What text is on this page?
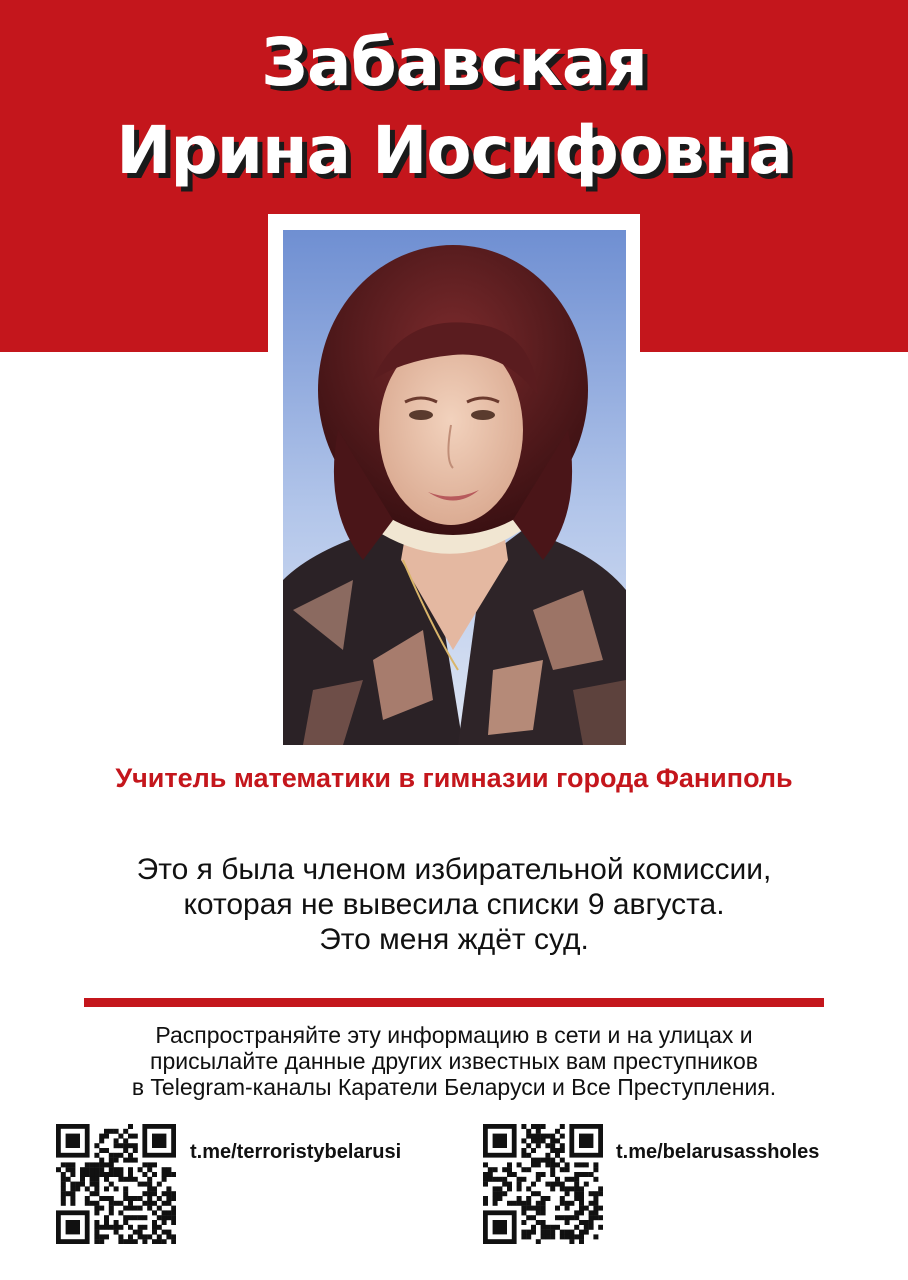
Забавская
Ирина Иосифовна
Учитель математики в гимназии города Фаниполь
Это я была членом избирательной комиссии,
которая не вывесила списки 9 августа.
Это меня ждёт суд.
Распространяйте эту информацию в сети и на улицах и
присылайте данные других известных вам преступников
в Telegram-каналы Каратели Беларуси и Все Преступления.
t.me/terroristybelarusi	t.me/belarusassholes
